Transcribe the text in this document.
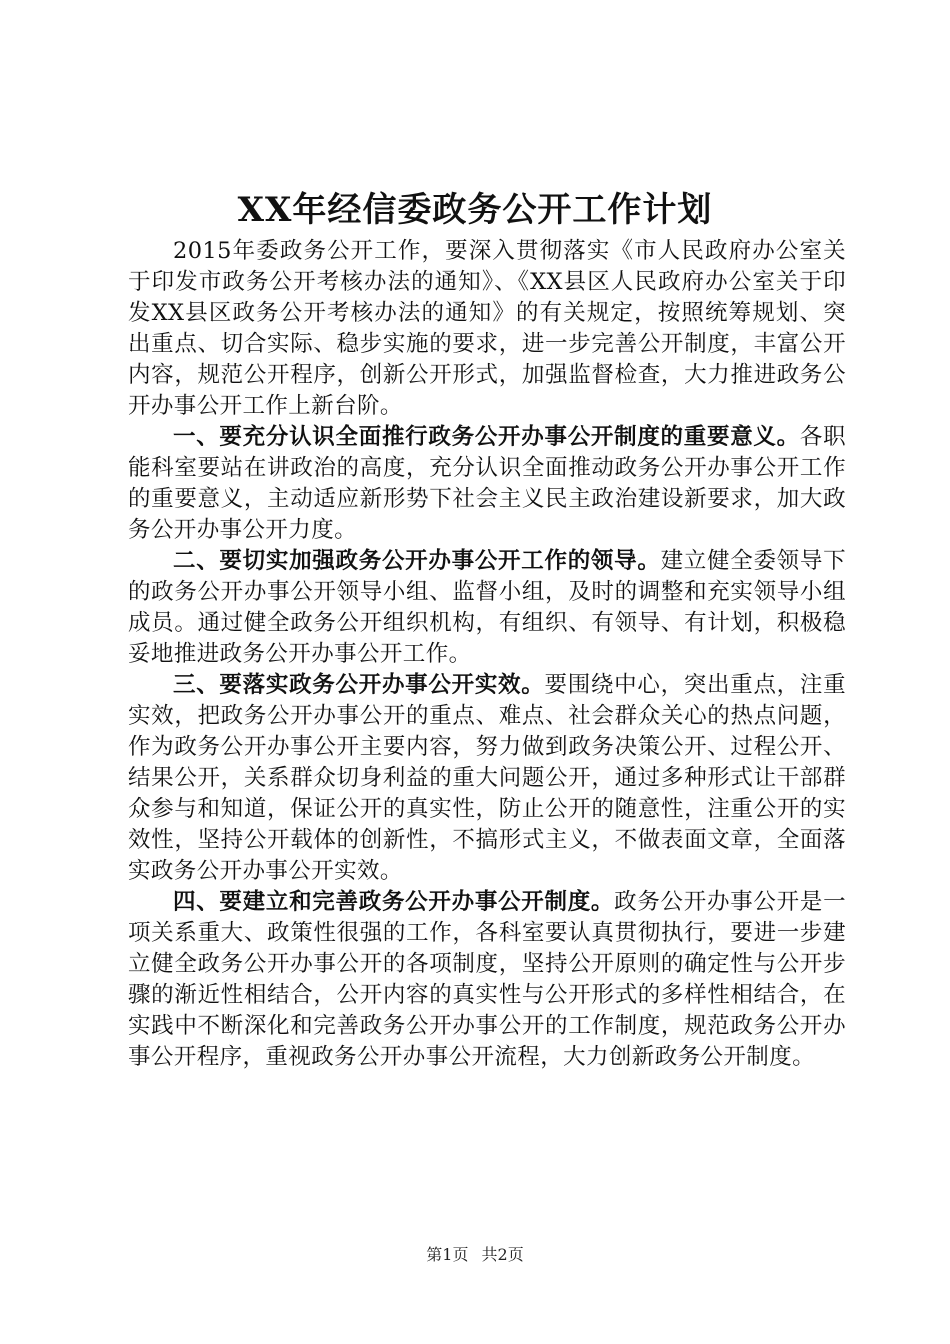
XX年经信委政务公开工作计划

2015年委政务公开工作，要深入贯彻落实《市人民政府办公室关于印发市政务公开考核办法的通知》、《XX县区人民政府办公室关于印发XX县区政务公开考核办法的通知》的有关规定，按照统筹规划、突出重点、切合实际、稳步实施的要求，进一步完善公开制度，丰富公开内容，规范公开程序，创新公开形式，加强监督检查，大力推进政务公开办事公开工作上新台阶。

一、要充分认识全面推行政务公开办事公开制度的重要意义。各职能科室要站在讲政治的高度，充分认识全面推动政务公开办事公开工作的重要意义，主动适应新形势下社会主义民主政治建设新要求，加大政务公开办事公开力度。

二、要切实加强政务公开办事公开工作的领导。建立健全委领导下的政务公开办事公开领导小组、监督小组，及时的调整和充实领导小组成员。通过健全政务公开组织机构，有组织、有领导、有计划，积极稳妥地推进政务公开办事公开工作。

三、要落实政务公开办事公开实效。要围绕中心，突出重点，注重实效，把政务公开办事公开的重点、难点、社会群众关心的热点问题，作为政务公开办事公开主要内容，努力做到政务决策公开、过程公开、结果公开，关系群众切身利益的重大问题公开，通过多种形式让干部群众参与和知道，保证公开的真实性，防止公开的随意性，注重公开的实效性，坚持公开载体的创新性，不搞形式主义，不做表面文章，全面落实政务公开办事公开实效。

四、要建立和完善政务公开办事公开制度。政务公开办事公开是一项关系重大、政策性很强的工作，各科室要认真贯彻执行，要进一步建立健全政务公开办事公开的各项制度，坚持公开原则的确定性与公开步骤的渐近性相结合，公开内容的真实性与公开形式的多样性相结合，在实践中不断深化和完善政务公开办事公开的工作制度，规范政务公开办事公开程序，重视政务公开办事公开流程，大力创新政务公开制度。

第1页 共2页
